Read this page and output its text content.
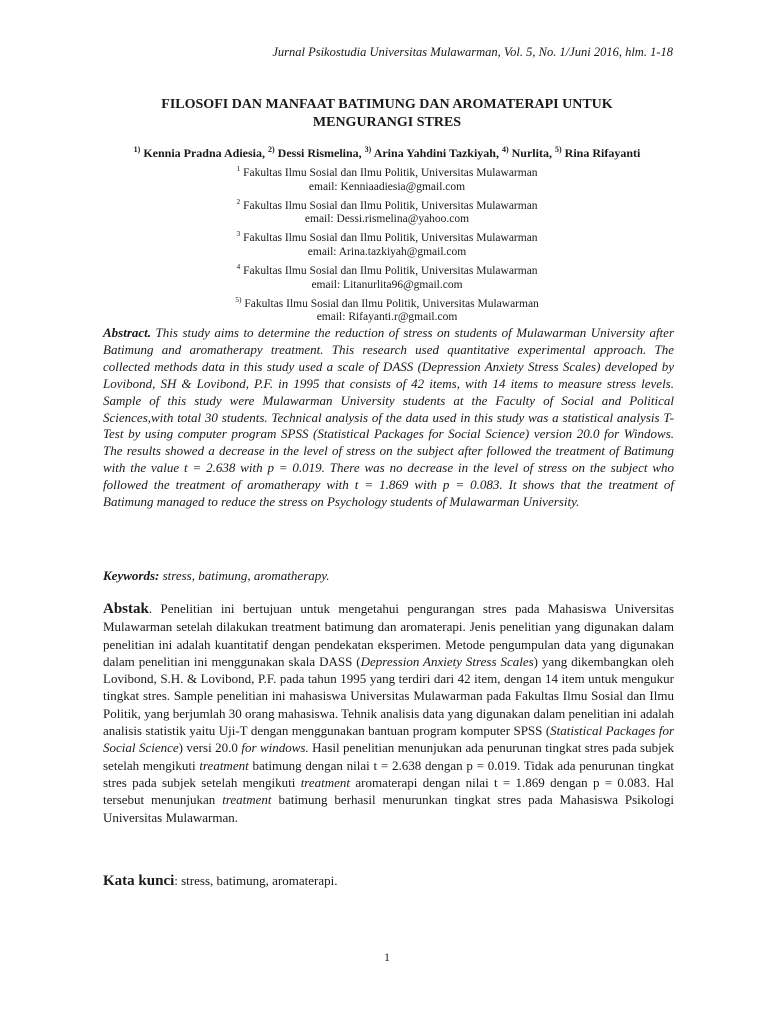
Jurnal Psikostudia Universitas Mulawarman, Vol. 5, No. 1/Juni 2016, hlm. 1-18
FILOSOFI DAN MANFAAT BATIMUNG DAN AROMATERAPI UNTUK
MENGURANGI STRES
$^{1)}$ Kennia Pradna Adiesia, $^{2)}$ Dessi Rismelina, $^{3)}$ Arina Yahdini Tazkiyah, $^{4)}$ Nurlita, $^{5)}$ Rina Rifayanti
$^1$ Fakultas Ilmu Sosial dan Ilmu Politik, Universitas Mulawarman
email: Kenniaadiesia@gmail.com
$^2$ Fakultas Ilmu Sosial dan Ilmu Politik, Universitas Mulawarman
email: Dessi.rismelina@yahoo.com
$^3$ Fakultas Ilmu Sosial dan Ilmu Politik, Universitas Mulawarman
email: Arina.tazkiyah@gmail.com
$^4$ Fakultas Ilmu Sosial dan Ilmu Politik, Universitas Mulawarman
email: Litanurlita96@gmail.com
$^{5)}$ Fakultas Ilmu Sosial dan Ilmu Politik, Universitas Mulawarman
email: Rifayanti.r@gmail.com
Abstract. This study aims to determine the reduction of stress on students of Mulawarman University after Batimung and aromatherapy treatment. This research used quantitative experimental approach. The collected methods data in this study used a scale of DASS (Depression Anxiety Stress Scales) developed by Lovibond, SH & Lovibond, P.F. in 1995 that consists of 42 items, with 14 items to measure stress levels. Sample of this study were Mulawarman University students at the Faculty of Social and Political Sciences,with total 30 students. Technical analysis of the data used in this study was a statistical analysis T-Test by using computer program SPSS (Statistical Packages for Social Science) version 20.0 for Windows. The results showed a decrease in the level of stress on the subject after followed the treatment of Batimung with the value t = 2.638 with p = 0.019. There was no decrease in the level of stress on the subject who followed the treatment of aromatherapy with t = 1.869 with p = 0.083. It shows that the treatment of Batimung managed to reduce the stress on Psychology students of Mulawarman University.
Keywords: stress, batimung, aromatherapy.
Abstak. Penelitian ini bertujuan untuk mengetahui pengurangan stres pada Mahasiswa Universitas Mulawarman setelah dilakukan treatment batimung dan aromaterapi. Jenis penelitian yang digunakan dalam penelitian ini adalah kuantitatif dengan pendekatan eksperimen. Metode pengumpulan data yang digunakan dalam penelitian ini menggunakan skala DASS (Depression Anxiety Stress Scales) yang dikembangkan oleh Lovibond, S.H. & Lovibond, P.F. pada tahun 1995 yang terdiri dari 42 item, dengan 14 item untuk mengukur tingkat stres. Sample penelitian ini mahasiswa Universitas Mulawarman pada Fakultas Ilmu Sosial dan Ilmu Politik, yang berjumlah 30 orang mahasiswa. Tehnik analisis data yang digunakan dalam penelitian ini adalah analisis statistik yaitu Uji-T dengan menggunakan bantuan program komputer SPSS (Statistical Packages for Social Science) versi 20.0 for windows. Hasil penelitian menunjukan ada penurunan tingkat stres pada subjek setelah mengikuti treatment batimung dengan nilai t = 2.638 dengan p = 0.019. Tidak ada penurunan tingkat stres pada subjek setelah mengikuti treatment aromaterapi dengan nilai t = 1.869 dengan p = 0.083. Hal tersebut menunjukan treatment batimung berhasil menurunkan tingkat stres pada Mahasiswa Psikologi Universitas Mulawarman.
Kata kunci: stress, batimung, aromaterapi.
1
